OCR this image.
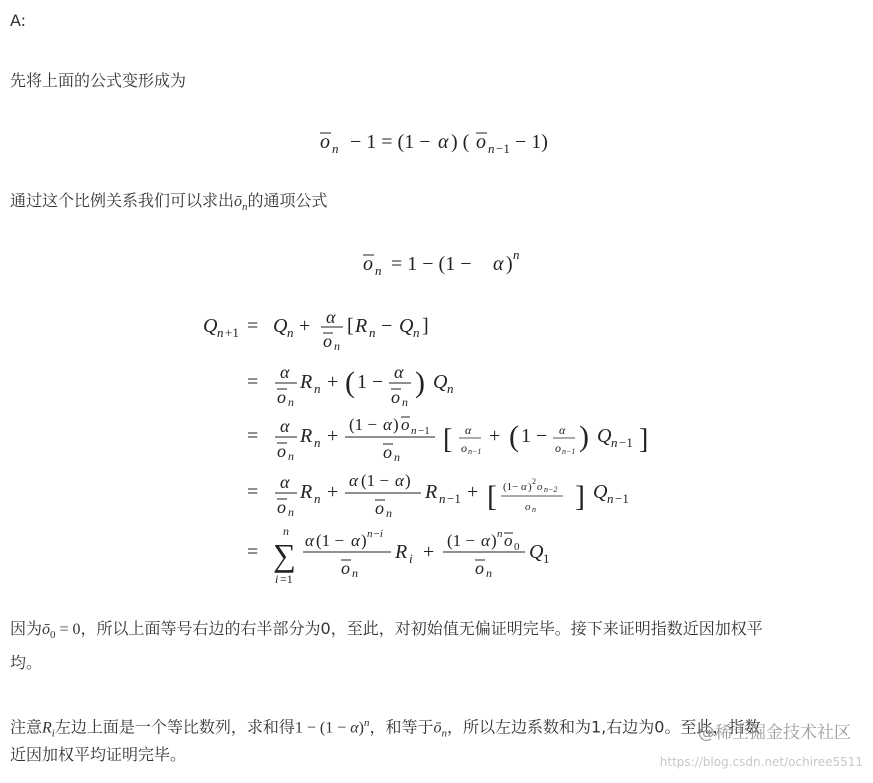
A:
先将上面的公式变形成为
o n − 1 = (1 − α ) ( o n −1 − 1)
通过这个比例关系我们可以求出$ō_n$的通项公式
o n = 1 − (1 − α ) n
Q n +1 = Q n + α
o n
[ R n − Q n ]
= α
o n
R n + ( 1 − α
o n
) Q n
= α
o n
R n +
(1 − α ) o n −1
o n
[ α
o n−1
+ ( 1 − α
o n−1 ) Q n −1 ]
= α
o n
R n +
α (1 − α )
o n
R n −1 + [ (1− α ) 2 o n−2
o n ] Q n −1
=
n
∑
i =1
α (1 − α ) n−i
o n
R i +
(1 − α ) n o 0
o n
Q 1
因为$ō_0 = 0$，所以上面等号右边的右半部分为0，至此，对初始值无偏证明完毕。接下来证明指数近因加权平
均。
注意$R_i$左边上面是一个等比数列，求和得$1 - (1 - \alpha)^n$，和等于$ō_n$，所以左边系数和为1,右边为0。至此，指数
近因加权平均证明完毕。
@稀土掘金技术社区
https://blog.csdn.net/ochiree5511
